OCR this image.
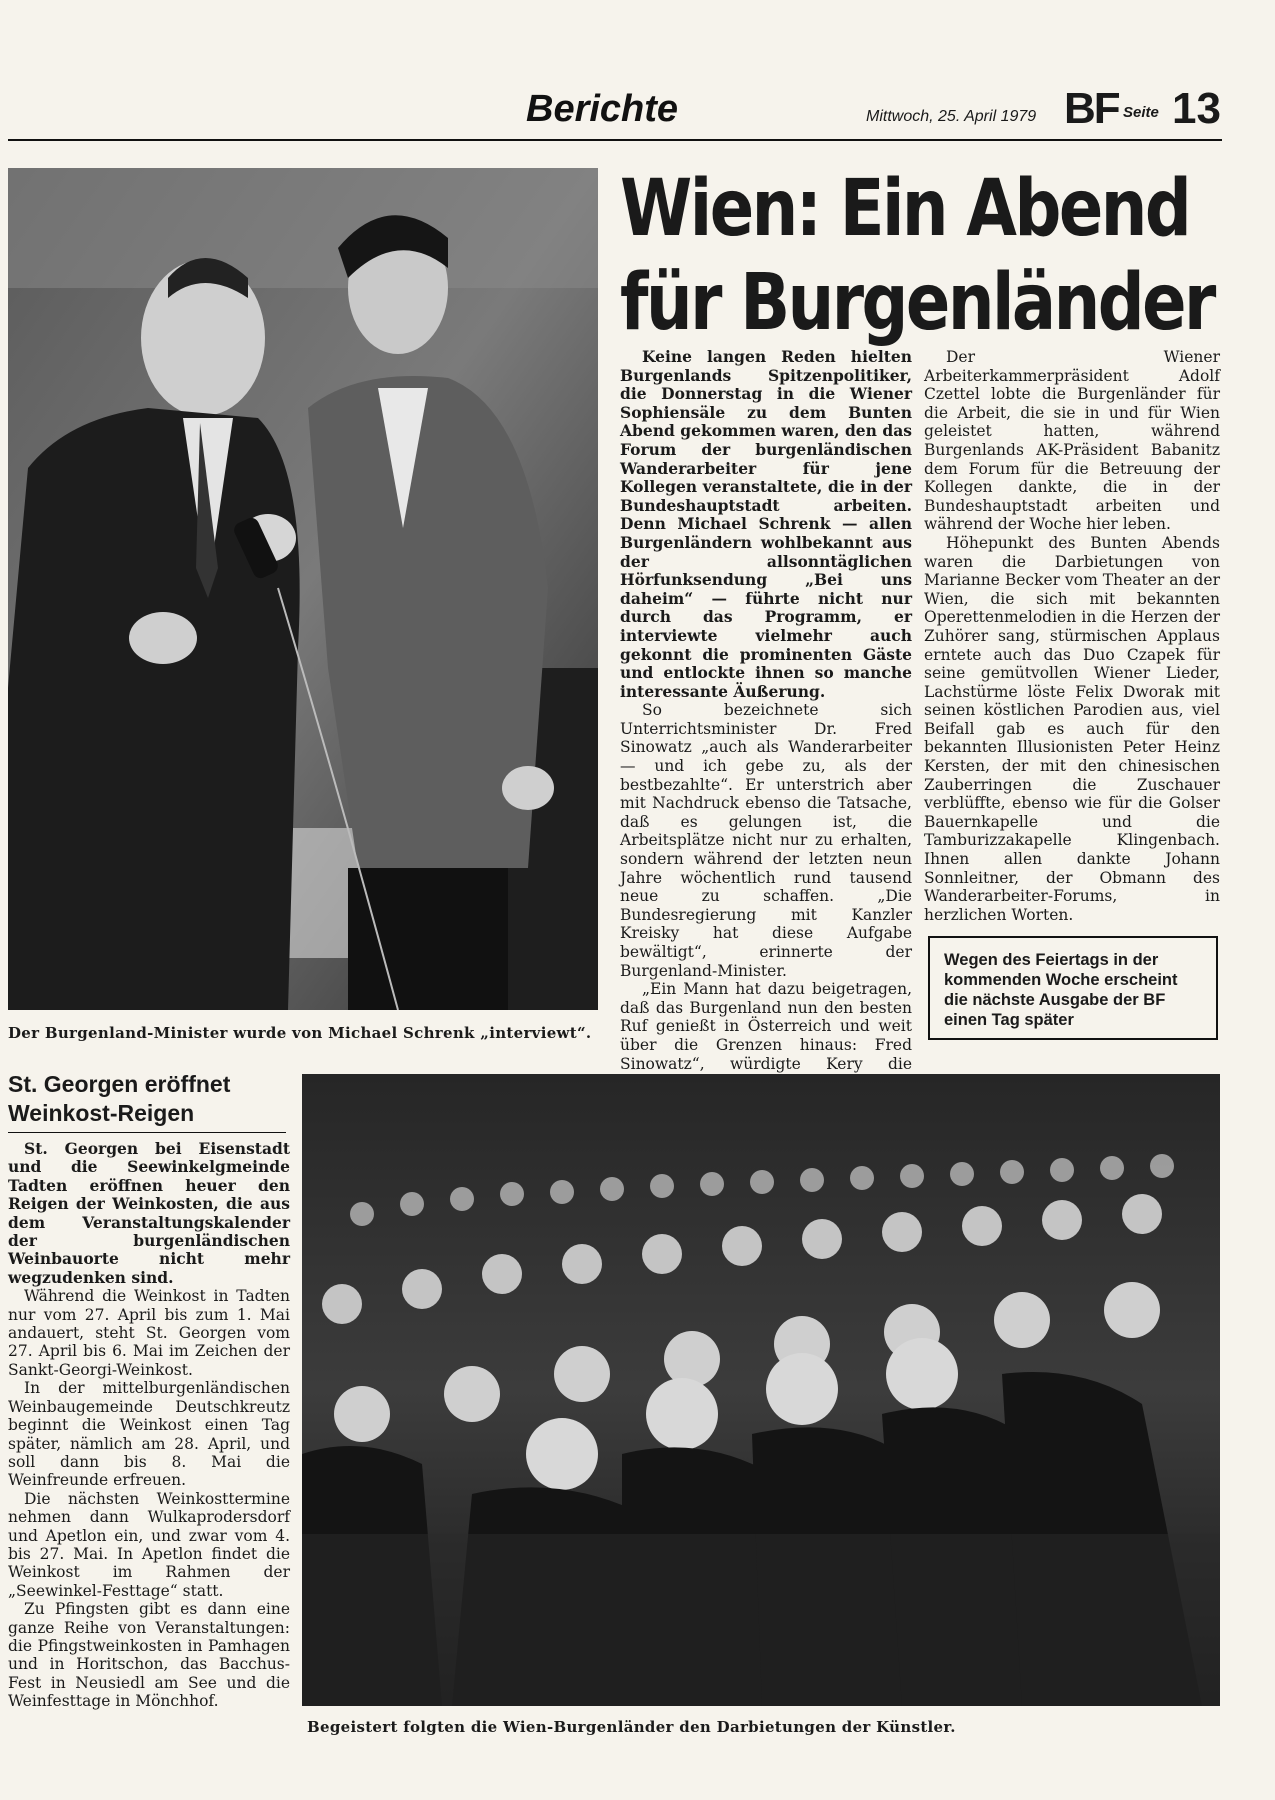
Berichte	Mittwoch, 25. April 1979 BF Seite 13
Der Burgenland-Minister wurde von Michael Schrenk „interviewt“.
Wien: Ein Abend
für Burgenländer

Keine langen Reden hielten Burgenlands Spitzenpolitiker, die Donnerstag in die Wiener Sophiensäle zu dem Bunten Abend gekommen waren, den das Forum der burgenländischen Wanderarbeiter für jene Kollegen veranstaltete, die in der Bundeshauptstadt arbeiten. Denn Michael Schrenk — allen Burgenländern wohlbekannt aus der allsonntäglichen Hörfunksendung „Bei uns daheim“ — führte nicht nur durch das Programm, er interviewte vielmehr auch gekonnt die prominenten Gäste und entlockte ihnen so manche interessante Äußerung.

So bezeichnete sich Unterrichtsminister Dr. Fred Sinowatz „auch als Wanderarbeiter — und ich gebe zu, als der bestbezahlte“. Er unterstrich aber mit Nachdruck ebenso die Tatsache, daß es gelungen ist, die Arbeitsplätze nicht nur zu erhalten, sondern während der letzten neun Jahre wöchentlich rund tausend neue zu schaffen. „Die Bundesregierung mit Kanzler Kreisky hat diese Aufgabe bewältigt“, erinnerte der Burgenland-Minister.

„Ein Mann hat dazu beigetragen, daß das Burgenland nun den besten Ruf genießt in Österreich und weit über die Grenzen hinaus: Fred Sinowatz“, würdigte Kery die

Der Wiener Arbeiterkammerpräsident Adolf Czettel lobte die Burgenländer für die Arbeit, die sie in und für Wien geleistet hatten, während Burgenlands AK-Präsident Babanitz dem Forum für die Betreuung der Kollegen dankte, die in der Bundeshauptstadt arbeiten und während der Woche hier leben.

Höhepunkt des Bunten Abends waren die Darbietungen von Marianne Becker vom Theater an der Wien, die sich mit bekannten Operettenmelodien in die Herzen der Zuhörer sang, stürmischen Applaus erntete auch das Duo Czapek für seine gemütvollen Wiener Lieder, Lachstürme löste Felix Dworak mit seinen köstlichen Parodien aus, viel Beifall gab es auch für den bekannten Illusionisten Peter Heinz Kersten, der mit den chinesischen Zauberringen die Zuschauer verblüffte, ebenso wie für die Golser Bauernkapelle und die Tamburizzakapelle Klingenbach. Ihnen allen dankte Johann Sonnleitner, der Obmann des Wanderarbeiter-Forums, in herzlichen Worten.

Wegen des Feiertags in der kommenden Woche erscheint die nächste Ausgabe der BF einen Tag später
St. Georgen eröffnet
Weinkost-Reigen

St. Georgen bei Eisenstadt und die Seewinkelgmeinde Tadten eröffnen heuer den Reigen der Weinkosten, die aus dem Veranstaltungskalender der burgenländischen Weinbauorte nicht mehr wegzudenken sind.

Während die Weinkost in Tadten nur vom 27. April bis zum 1. Mai andauert, steht St. Georgen vom 27. April bis 6. Mai im Zeichen der Sankt-Georgi-Weinkost.

In der mittelburgenländischen Weinbaugemeinde Deutschkreutz beginnt die Weinkost einen Tag später, nämlich am 28. April, und soll dann bis 8. Mai die Weinfreunde erfreuen.

Die nächsten Weinkosttermine nehmen dann Wulkaprodersdorf und Apetlon ein, und zwar vom 4. bis 27. Mai. In Apetlon findet die Weinkost im Rahmen der „Seewinkel-Festtage“ statt.

Zu Pfingsten gibt es dann eine ganze Reihe von Veranstaltungen: die Pfingstweinkosten in Pamhagen und in Horitschon, das Bacchus-Fest in Neusiedl am See und die Weinfesttage in Mönchhof.

Begeistert folgten die Wien-Burgenländer den Darbietungen der Künstler.
